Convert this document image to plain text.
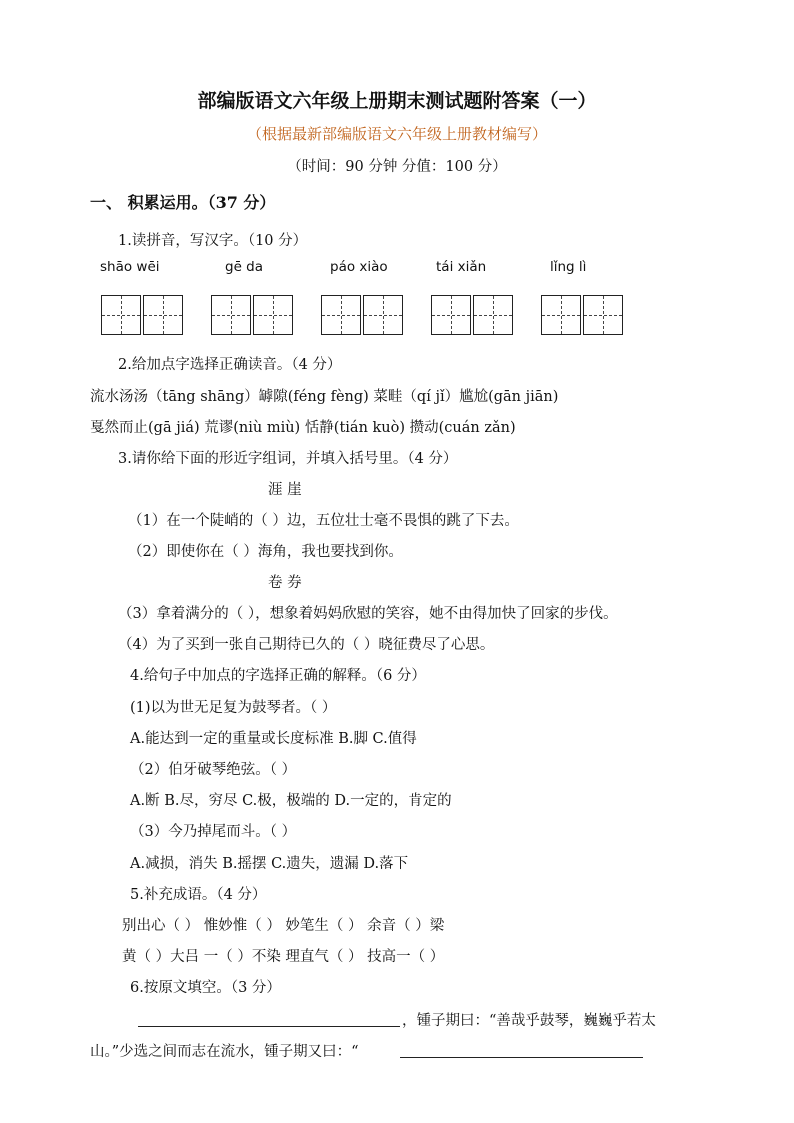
部编版语文六年级上册期末测试题附答案（一）
（根据最新部编版语文六年级上册教材编写）
（时间：90 分钟 分值：100 分）
一、 积累运用。（37 分）
1.读拼音，写汉字。（10 分）
shāo wēi	gē da	páo xiào	tái xiǎn	lǐng lì
2.给加点字选择正确读音。（4 分）
流水汤汤（tāng shāng）罅隙(féng fèng) 菜畦（qí jǐ）尴尬(gān jiān)
戛然而止(gā jiá) 荒谬(niù miù) 恬静(tián kuò) 攒动(cuán zǎn)
3.请你给下面的形近字组词，并填入括号里。（4 分）
涯 崖
（1）在一个陡峭的（ ）边，五位壮士毫不畏惧的跳了下去。
（2）即使你在（ ）海角，我也要找到你。
卷 券
（3）拿着满分的（ ），想象着妈妈欣慰的笑容，她不由得加快了回家的步伐。
（4）为了买到一张自己期待已久的（ ）晓征费尽了心思。
4.给句子中加点的字选择正确的解释。（6 分）
(1)以为世无足复为鼓琴者。（ ）
A.能达到一定的重量或长度标准 B.脚 C.值得
（2）伯牙破琴绝弦。（ ）
A.断 B.尽，穷尽 C.极，极端的 D.一定的，肯定的
（3）今乃掉尾而斗。（ ）
A.减损，消失 B.摇摆 C.遗失，遗漏 D.落下
5.补充成语。（4 分）
别出心（ ） 惟妙惟（ ） 妙笔生（ ） 余音（ ）梁
黄（ ）大吕 一（ ）不染 理直气（ ） 技高一（ ）
6.按原文填空。（3 分）
，锺子期曰：“善哉乎鼓琴，巍巍乎若太
山。”少选之间而志在流水，锺子期又曰：“
